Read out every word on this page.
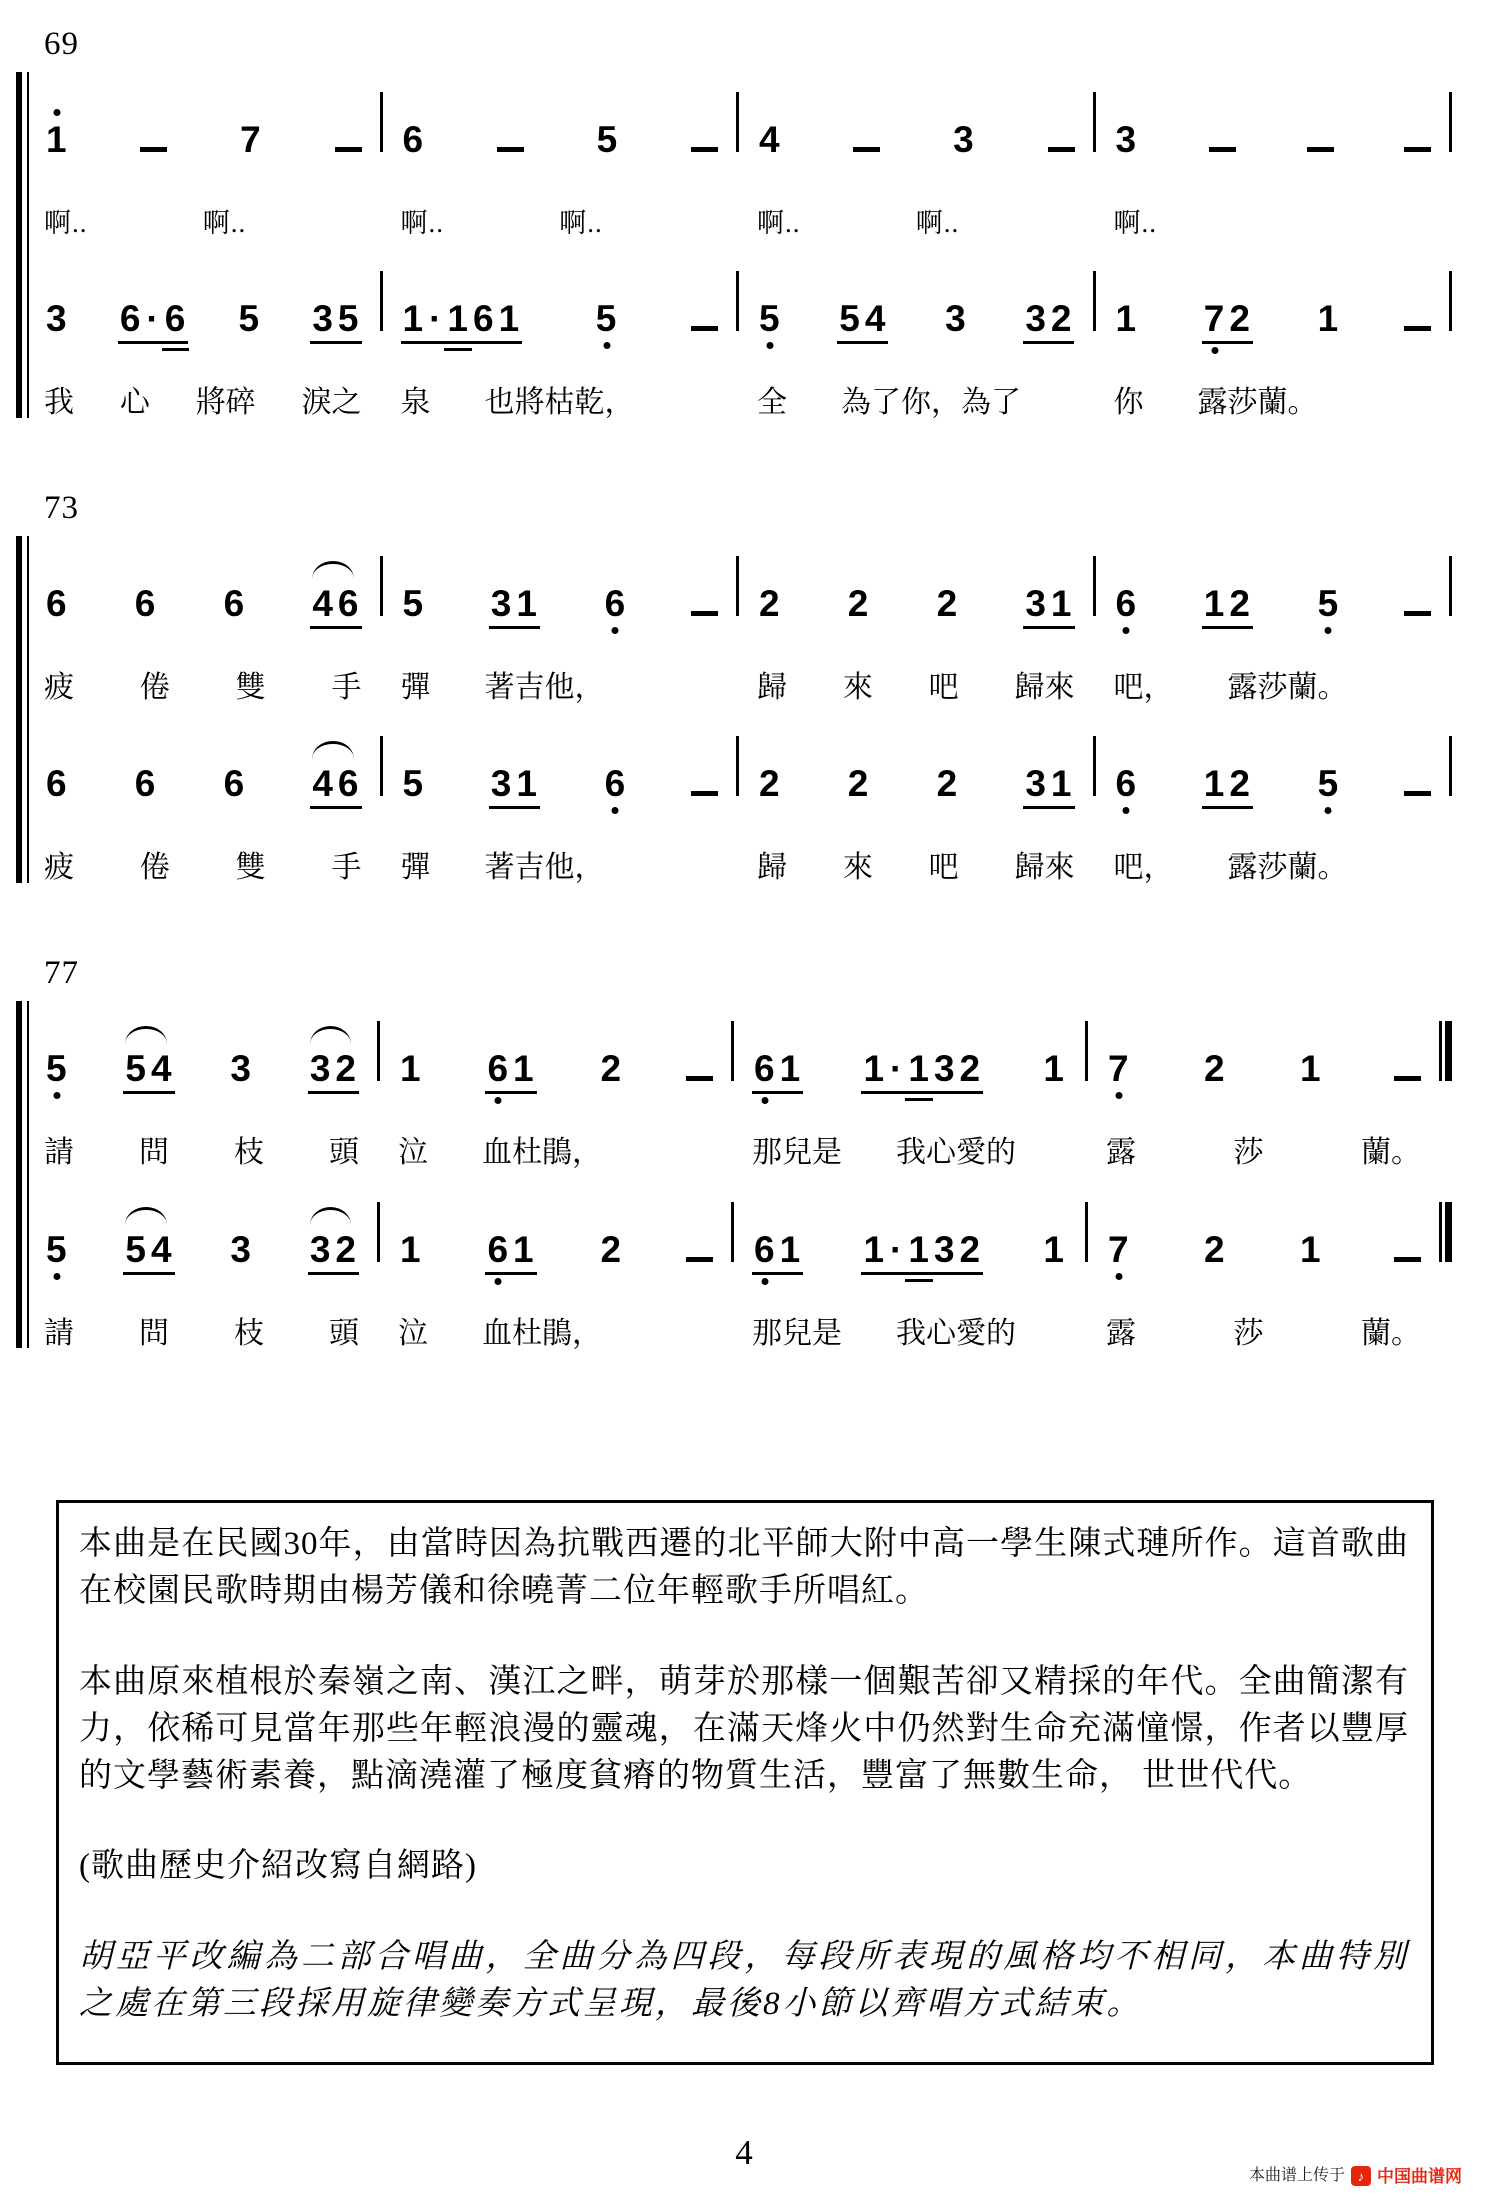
69
1	7	6	5	4	3	3
啊..	啊..	啊..	啊..	啊..	啊..	啊..
3 6 · 6 5 3 5 1 · 1 6 1 5	5 5 4 3 3 2 1 7 2 1
我 心 將碎 淚之 泉 也將枯乾，	全 為了你，為了	你 露莎蘭。
73
6 6 6 4 6 5 3 1 6	2 2 2 3 1 6 1 2 5
疲 倦 雙 手 彈 著吉他，	歸 來 吧 歸來 吧， 露莎蘭。
6 6 6 4 6 5 3 1 6	2 2 2 3 1 6 1 2 5
疲 倦 雙 手 彈 著吉他，	歸 來 吧 歸來 吧， 露莎蘭。
77
5 5 4 3 3 2 1 6 1 2	6 1 1 · 1 3 2 1 7 2 1
請 問 枝 頭 泣 血杜鵑，	那兒是 我心愛的	露	莎	蘭。
5 5 4 3 3 2 1 6 1 2	6 1 1 · 1 3 2 1 7 2 1
請 問 枝 頭 泣 血杜鵑，	那兒是 我心愛的	露	莎	蘭。

本曲是在民國30年，由當時因為抗戰西遷的北平師大附中高一學生陳式璉所作。這首歌曲在校園民歌時期由楊芳儀和徐曉菁二位年輕歌手所唱紅。

本曲原來植根於秦嶺之南、漢江之畔，萌芽於那樣一個艱苦卻又精採的年代。全曲簡潔有力，依稀可見當年那些年輕浪漫的靈魂，在滿天烽火中仍然對生命充滿憧憬，作者以豐厚的文學藝術素養，點滴澆灌了極度貧瘠的物質生活，豐富了無數生命， 世世代代。

(歌曲歷史介紹改寫自網路)

胡亞平改編為二部合唱曲，全曲分為四段，每段所表現的風格均不相同，本曲特別之處在第三段採用旋律變奏方式呈現，最後8小節以齊唱方式結束。

4
本曲谱上传于 ♪ 中国曲谱网
